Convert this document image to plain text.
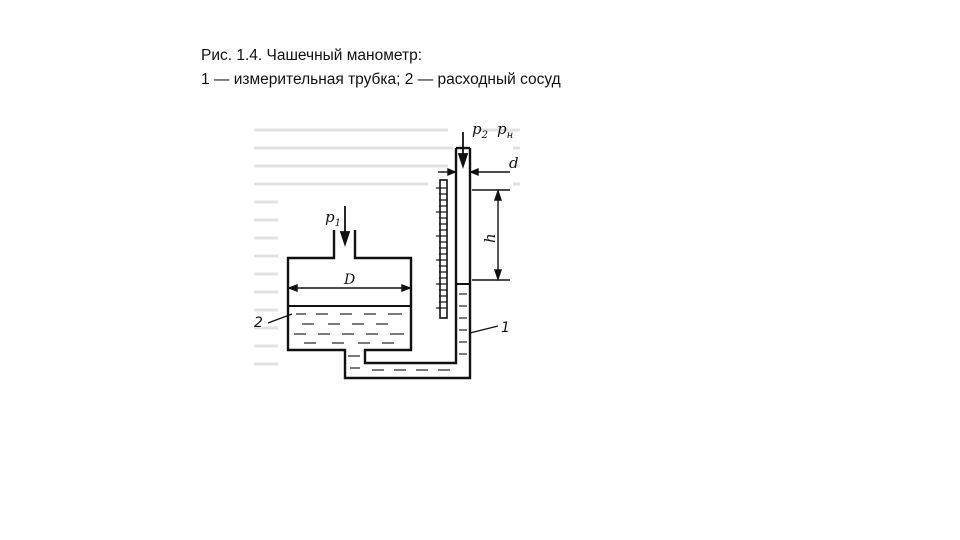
Рис. 1.4. Чашечный манометр:
1 — измерительная трубка; 2 — расходный сосуд
$p_2$ $p_н$
d
h
$p_1$
D
1
2
